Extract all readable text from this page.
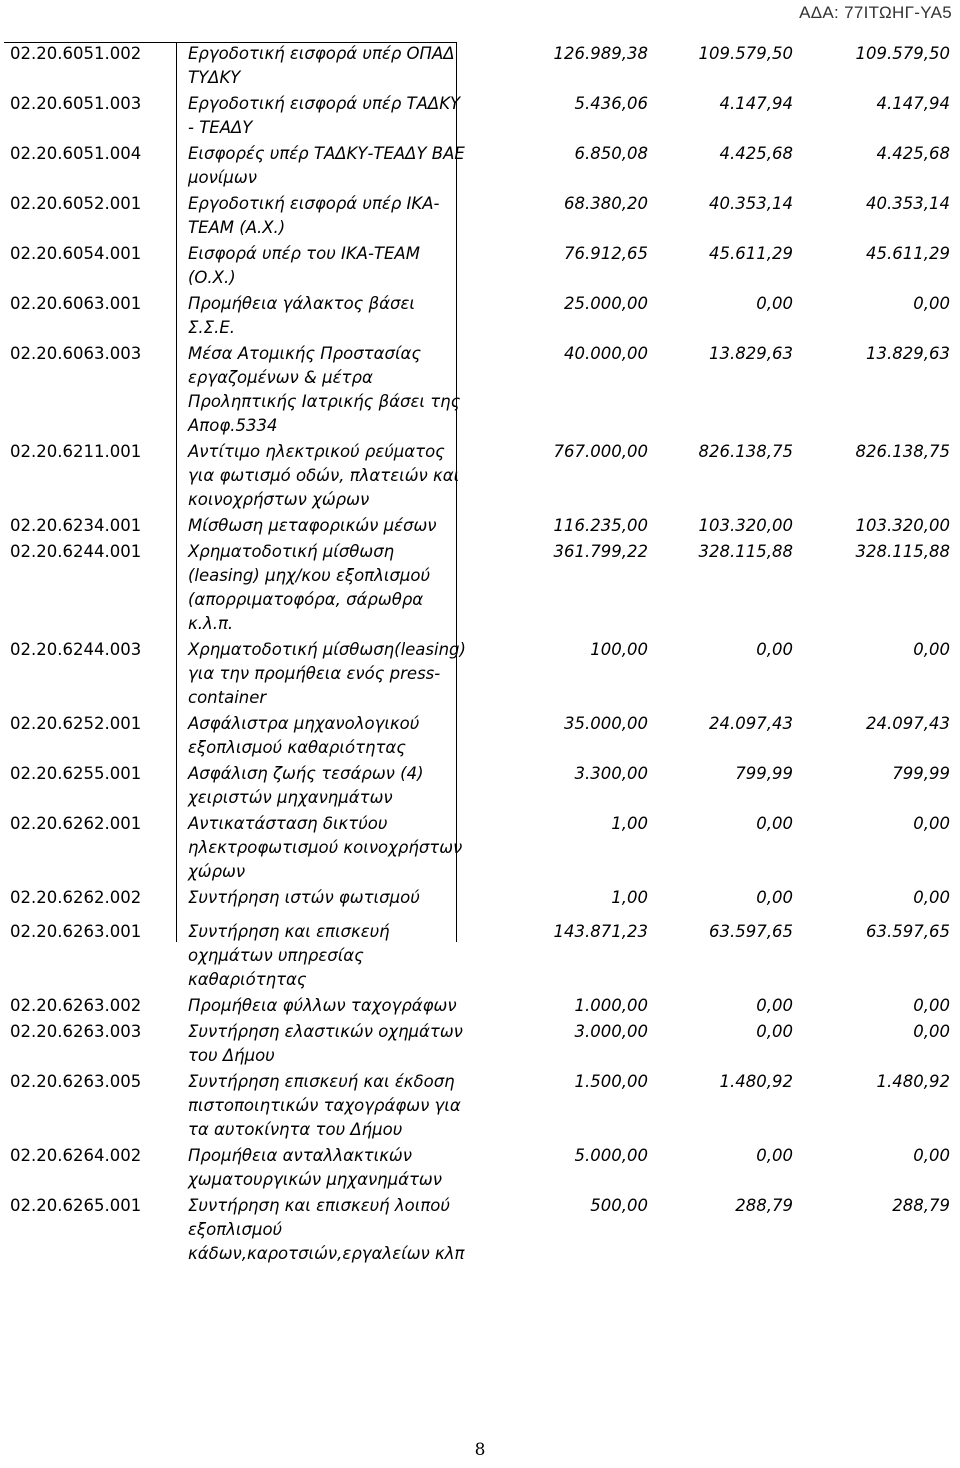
ΑΔΑ: 77ΙΤΩΗΓ-ΥΑ5
02.20.6051.002	Εργοδοτική εισφορά υπέρ ΟΠΑΔ ΤΥΔΚΥ	126.989,38	109.579,50	109.579,50
02.20.6051.003	Εργοδοτική εισφορά υπέρ ΤΑΔΚΥ - ΤΕΑΔΥ	5.436,06	4.147,94	4.147,94
02.20.6051.004	Εισφορές υπέρ ΤΑΔΚΥ-ΤΕΑΔΥ ΒΑΕ μονίμων	6.850,08	4.425,68	4.425,68
02.20.6052.001	Εργοδοτική εισφορά υπέρ ΙΚΑ-ΤΕΑΜ (Α.Χ.)	68.380,20	40.353,14	40.353,14
02.20.6054.001	Εισφορά υπέρ του ΙΚΑ-ΤΕΑΜ (Ο.Χ.)	76.912,65	45.611,29	45.611,29
02.20.6063.001	Προμήθεια γάλακτος βάσει Σ.Σ.Ε.	25.000,00	0,00	0,00
02.20.6063.003	Μέσα Ατομικής Προστασίας εργαζομένων & μέτρα Προληπτικής Ιατρικής βάσει της Αποφ.5334	40.000,00	13.829,63	13.829,63
02.20.6211.001	Αντίτιμο ηλεκτρικού ρεύματος για φωτισμό οδών, πλατειών και κοινοχρήστων χώρων	767.000,00	826.138,75	826.138,75
02.20.6234.001	Μίσθωση μεταφορικών μέσων	116.235,00	103.320,00	103.320,00
02.20.6244.001	Χρηματοδοτική μίσθωση (leasing) μηχ/κου εξοπλισμού (απορριματοφόρα, σάρωθρα κ.λ.π.	361.799,22	328.115,88	328.115,88
02.20.6244.003	Χρηματοδοτική μίσθωση(leasing) για την προμήθεια ενός press-container	100,00	0,00	0,00
02.20.6252.001	Ασφάλιστρα μηχανολογικού εξοπλισμού καθαριότητας	35.000,00	24.097,43	24.097,43
02.20.6255.001	Ασφάλιση ζωής τεσάρων (4) χειριστών μηχανημάτων	3.300,00	799,99	799,99
02.20.6262.001	Αντικατάσταση δικτύου ηλεκτροφωτισμού κοινοχρήστων χώρων	1,00	0,00	0,00
02.20.6262.002	Συντήρηση ιστών φωτισμού	1,00	0,00	0,00

02.20.6263.001	Συντήρηση και επισκευή οχημάτων υπηρεσίας καθαριότητας	143.871,23	63.597,65	63.597,65
02.20.6263.002	Προμήθεια φύλλων ταχογράφων	1.000,00	0,00	0,00
02.20.6263.003	Συντήρηση ελαστικών οχημάτων του Δήμου	3.000,00	0,00	0,00
02.20.6263.005	Συντήρηση επισκευή και έκδοση πιστοποιητικών ταχογράφων για τα αυτοκίνητα του Δήμου	1.500,00	1.480,92	1.480,92
02.20.6264.002	Προμήθεια ανταλλακτικών χωματουργικών μηχανημάτων	5.000,00	0,00	0,00
02.20.6265.001	Συντήρηση και επισκευή λοιπού εξοπλισμού κάδων,καροτσιών,εργαλείων κλπ	500,00	288,79	288,79
8
